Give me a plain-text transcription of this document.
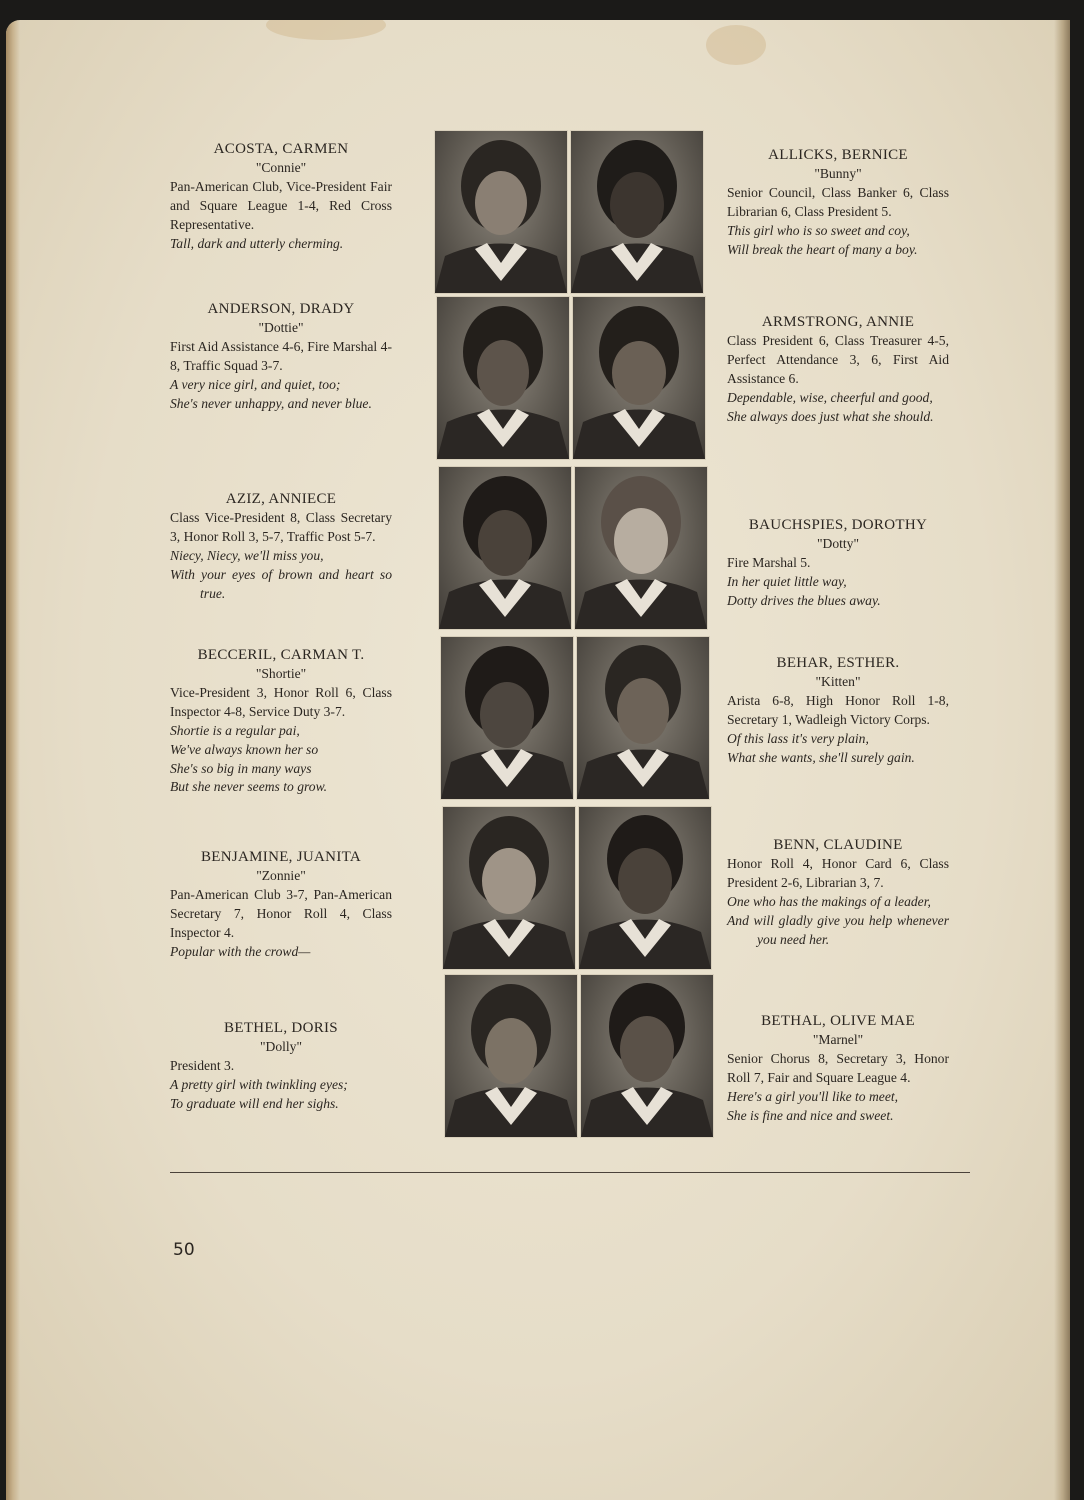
ACOSTA, CARMEN
"Connie"
Pan-American Club, Vice-President Fair and Square League 1-4, Red Cross Representative.
Tall, dark and utterly cherming.
ANDERSON, DRADY
"Dottie"
First Aid Assistance 4-6, Fire Marshal 4-8, Traffic Squad 3-7.
A very nice girl, and quiet, too;
She's never unhappy, and never blue.
AZIZ, ANNIECE
Class Vice-President 8, Class Secretary 3, Honor Roll 3, 5-7, Traffic Post 5-7.
Niecy, Niecy, we'll miss you,
With your eyes of brown and heart so true.
BECCERIL, CARMAN T.
"Shortie"
Vice-President 3, Honor Roll 6, Class Inspector 4-8, Service Duty 3-7.
Shortie is a regular pai,
We've always known her so
She's so big in many ways
But she never seems to grow.
BENJAMINE, JUANITA
"Zonnie"
Pan-American Club 3-7, Pan-American Secretary 7, Honor Roll 4, Class Inspector 4.
Popular with the crowd—
BETHEL, DORIS
"Dolly"
President 3.
A pretty girl with twinkling eyes;
To graduate will end her sighs.
ALLICKS, BERNICE
"Bunny"
Senior Council, Class Banker 6, Class Librarian 6, Class President 5.
This girl who is so sweet and coy,
Will break the heart of many a boy.
ARMSTRONG, ANNIE
Class President 6, Class Treasurer 4-5, Perfect Attendance 3, 6, First Aid Assistance 6.
Dependable, wise, cheerful and good,
She always does just what she should.
BAUCHSPIES, DOROTHY
"Dotty"
Fire Marshal 5.
In her quiet little way,
Dotty drives the blues away.
BEHAR, ESTHER.
"Kitten"
Arista 6-8, High Honor Roll 1-8, Secretary 1, Wadleigh Victory Corps.
Of this lass it's very plain,
What she wants, she'll surely gain.
BENN, CLAUDINE
Honor Roll 4, Honor Card 6, Class President 2-6, Librarian 3, 7.
One who has the makings of a leader,
And will gladly give you help whenever you need her.
BETHAL, OLIVE MAE
"Marnel"
Senior Chorus 8, Secretary 3, Honor Roll 7, Fair and Square League 4.
Here's a girl you'll like to meet,
She is fine and nice and sweet.
50
